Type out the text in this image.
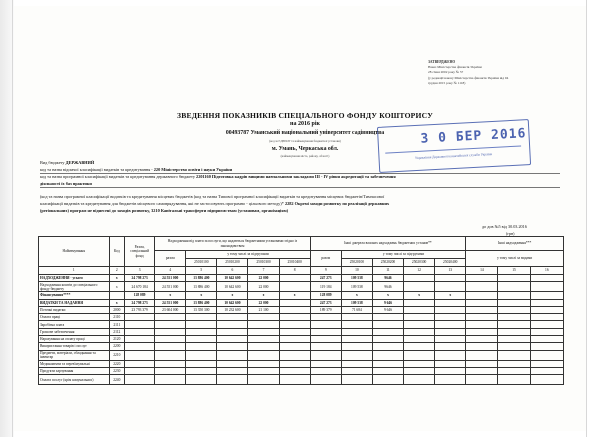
ЗАТВЕРДЖЕНО
Наказ Міністерства фінансів України
28 січня 2002 року № 57
(у редакції наказу Міністерства фінансів України від 04
грудня 2015 року № 1118)
3 0 БЕР 2016
Управління Державної казначейської служби України
ЗВЕДЕННЯ ПОКАЗНИКІВ СПЕЦІАЛЬНОГО ФОНДУ КОШТОРИСУ
на 2016 рік
00493787 Уманський національний університет садівництва
(код за ЄДРПОУ та найменування бюджетної установи)
м. Умань, Черкаська обл.
(найменування міста, району, області)
Вид бюджету ДЕРЖАВНИЙ
код та назва відомчої класифікації видатків та кредитування - 220 Міністерство освіти і науки України
код та назва програмної класифікації видатків та кредитування державного бюджету 2201160 Підготовка кадрів вищими навчальними закладами ІІІ - IV рівня акредитації та забезпечення
діяльності їх баз практики
(код та назва програмної класифікації видатків та кредитування місцевих бюджетів (код та назва Типової програмної класифікації видатків та кредитування місцевих бюджетів/Тимчасової
класифікації видатків та кредитування для бюджетів місцевого самоврядування, які не застосовують програмно - цільового методу)* 2282 Окремі заходи розвитку по реалізації державних
(регіональних) програм не віднесені до заходів розвитку, 3210 Капітальні трансферти підприємствам (установам, організаціям)
до дов №5 від 30.03.2016
(грн)
Найменування	Код	Разом, спеціальний фонд	Надходження від плати за послуги, що надаються бюджетними установами згідно із законодавством					Інші джерела власних надходжень бюджетних установ**					Інші надходження***		
			разом	у тому числі за підгрупами				разом	у тому числі за підгрупами				у тому числі за видами		
				25010100	25010200	25010300	25010400		25020100	25020200	25020300	25020400			
1	2	3	4	5	6	7	8	9	10	11	12	13	14	15	16
НАДХОДЖЕННЯ - усього	x	24 798 273	24 551 000	13 886 400	10 642 600	22 000		247 273	109 538	9646					
Надходження коштів до спеціального фонду бюджету	x	24 670 184	24 551 000	13 886 400	10 642 600	22 000		119 184	109 538	9646					
Фінансування****		128 089	x	x	x	x	x	128 089	x	x	x	x			
ВИДАТКИ ТА НАДАННЯ	x	24 798 273	24 551 000	13 886 400	10 642 600	22 000		247 273	109 538	9 646					
Поточні видатки	2000	23 793 379	23 604 000	13 350 300	10 232 600	21 100		189 379	71 684	9 646					
Оплата праці	2110														
Заробітна плата	2111														
Грошове забезпечення	2112														
Нарахування на оплату праці	2120														
Використання товарів і послуг	2200														
Предмети, матеріали, обладнання та інвентар	2210														
Медикаменти та перев'язувальні	2220														
Продукти харчування	2230														
Оплата послуг (крім комунальних)	2240														
